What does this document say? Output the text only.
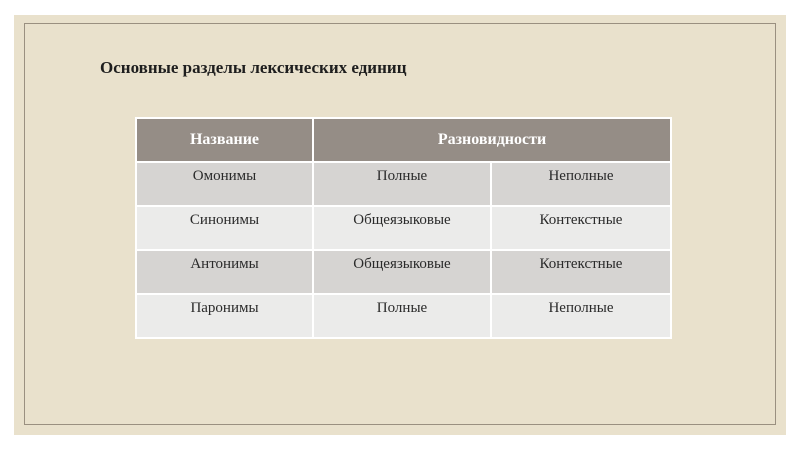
Основные разделы лексических единиц
Название	Разновидности	
Омонимы	Полные	Неполные
Синонимы	Общеязыковые	Контекстные
Антонимы	Общеязыковые	Контекстные
Паронимы	Полные	Неполные
